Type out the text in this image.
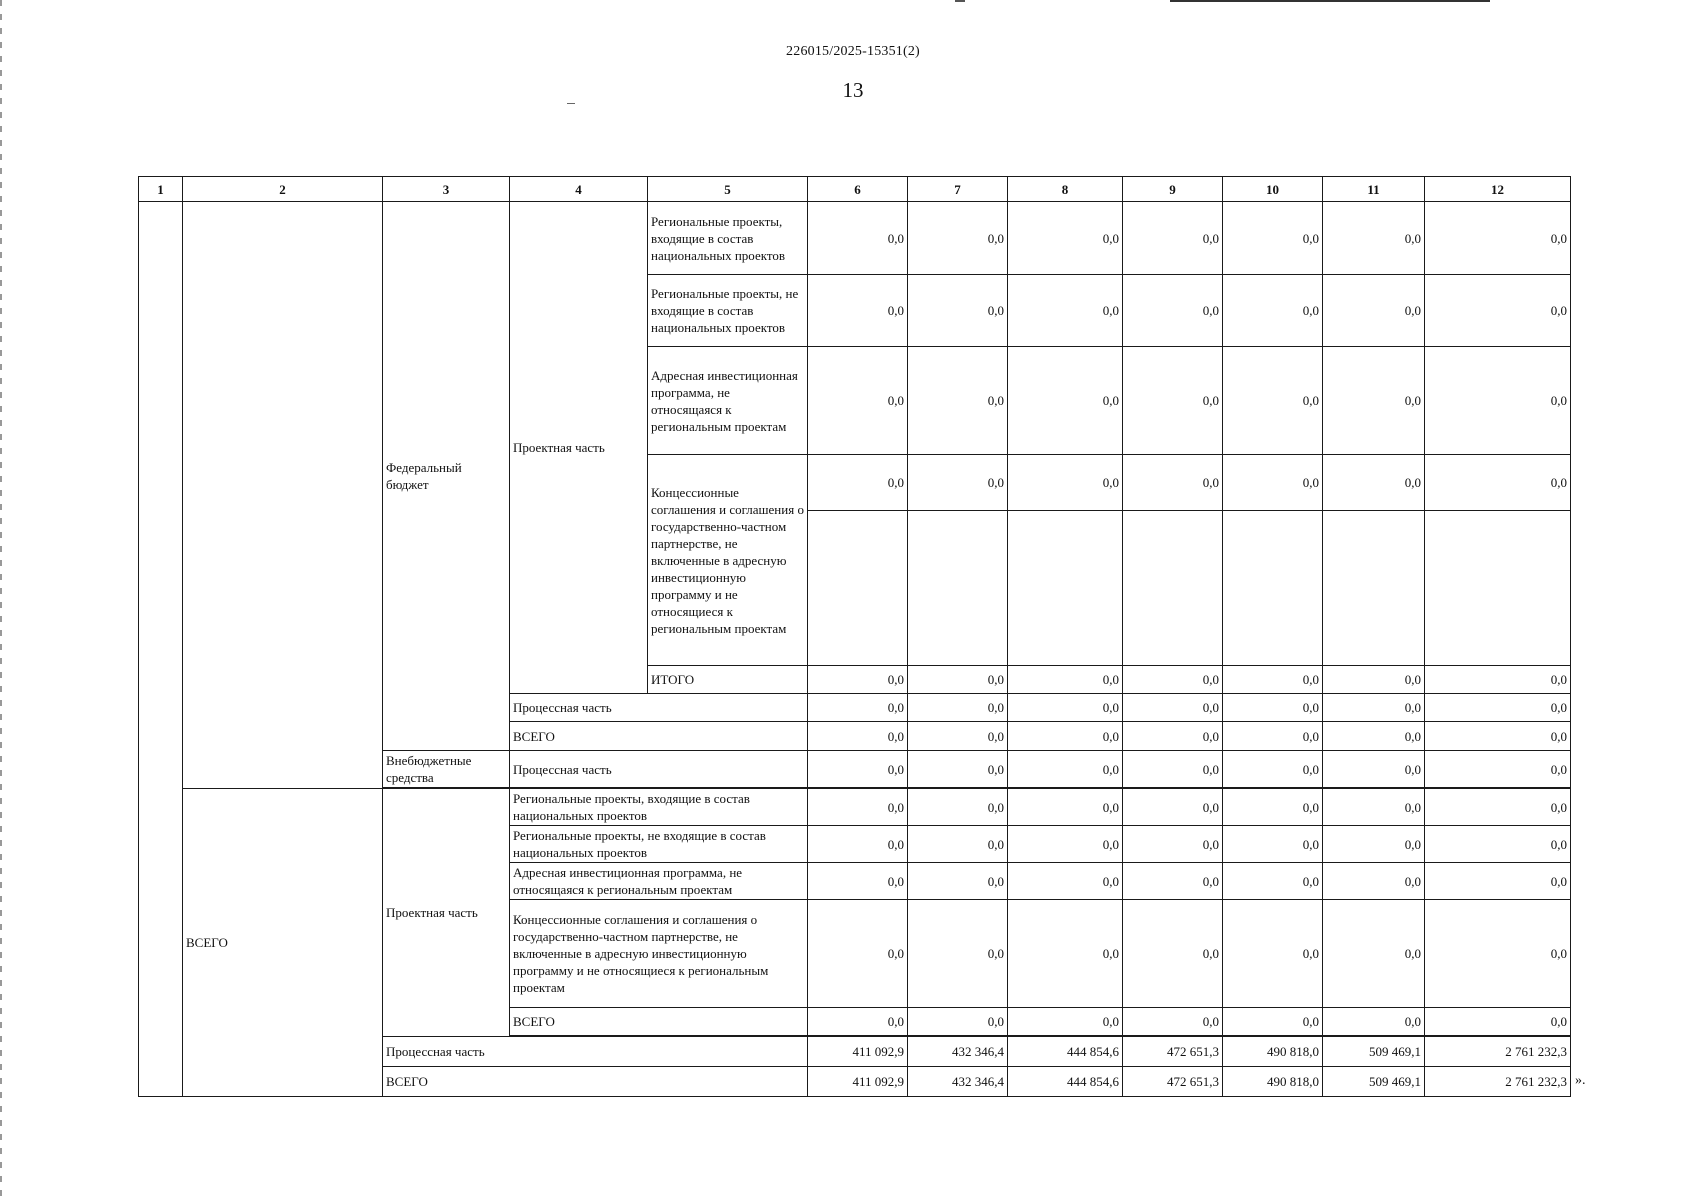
226015/2025-15351(2)
13
1	2	3	4	5	6	7	8	9	10	11	12
		Федеральный бюджет	Проектная часть	Региональные проекты, входящие в состав национальных проектов	0,0	0,0	0,0	0,0	0,0	0,0	0,0
				Региональные проекты, не входящие в состав национальных проектов	0,0	0,0	0,0	0,0	0,0	0,0	0,0
				Адресная инвестиционная программа, не относящаяся к региональным проектам	0,0	0,0	0,0	0,0	0,0	0,0	0,0
				Концессионные соглашения и соглашения о государственно-частном партнерстве, не включенные в адресную инвестиционную программу и не относящиеся к региональным проектам	0,0	0,0	0,0	0,0	0,0	0,0	0,0

				ИТОГО	0,0	0,0	0,0	0,0	0,0	0,0	0,0
			Процессная часть		0,0	0,0	0,0	0,0	0,0	0,0	0,0
			ВСЕГО		0,0	0,0	0,0	0,0	0,0	0,0	0,0
		Внебюджетные средства	Процессная часть		0,0	0,0	0,0	0,0	0,0	0,0	0,0

	ВСЕГО	Проектная часть	Региональные проекты, входящие в состав национальных проектов		0,0	0,0	0,0	0,0	0,0	0,0	0,0
			Региональные проекты, не входящие в состав национальных проектов		0,0	0,0	0,0	0,0	0,0	0,0	0,0
			Адресная инвестиционная программа, не относящаяся к региональным проектам		0,0	0,0	0,0	0,0	0,0	0,0	0,0
			Концессионные соглашения и соглашения о государственно-частном партнерстве, не включенные в адресную инвестиционную программу и не относящиеся к региональным проектам		0,0	0,0	0,0	0,0	0,0	0,0	0,0
			ВСЕГО		0,0	0,0	0,0	0,0	0,0	0,0	0,0

		Процессная часть			411 092,9	432 346,4	444 854,6	472 651,3	490 818,0	509 469,1	2 761 232,3
		ВСЕГО			411 092,9	432 346,4	444 854,6	472 651,3	490 818,0	509 469,1	2 761 232,3 ».
